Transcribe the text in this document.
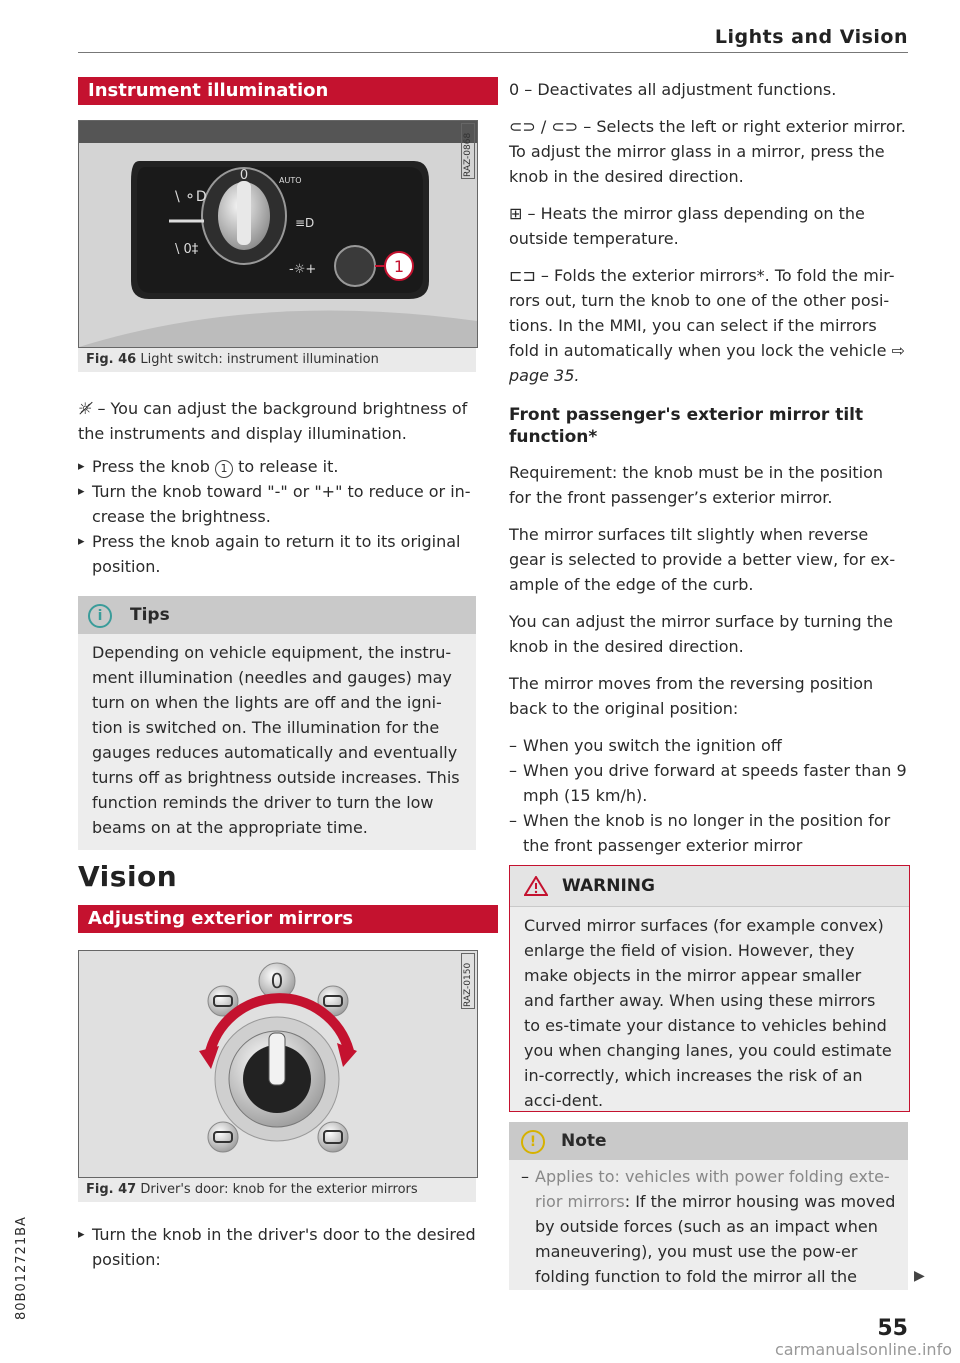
Lights and Vision
80B012721BA
Instrument illumination
1
0	AUTO
\ ⚬D
\ 0‡
≡D
-☼+
RAZ-0868
Fig. 46 Light switch: instrument illumination

☼̸ – You can adjust the background brightness of the instruments and display illumination.

▸ Press the knob 1 to release it.

▸ Turn the knob toward "-" or "+" to reduce or in-crease the brightness.

▸ Press the knob again to return it to its original position.

i	Tips

Depending on vehicle equipment, the instru-ment illumination (needles and gauges) may turn on when the lights are off and the igni-tion is switched on. The illumination for the gauges reduces automatically and eventually turns off as brightness outside increases. This function reminds the driver to turn the low beams on at the appropriate time.

Vision
Adjusting exterior mirrors
0	RAZ-0150
Fig. 47 Driver's door: knob for the exterior mirrors

▸ Turn the knob in the driver's door to the desired position:

0 – Deactivates all adjustment functions.

⊂⊃ / ⊂⊃ – Selects the left or right exterior mirror. To adjust the mirror glass in a mirror, press the knob in the desired direction.

⊞ – Heats the mirror glass depending on the outside temperature.

⊏⊐ – Folds the exterior mirrors*. To fold the mir-rors out, turn the knob to one of the other posi-tions. In the MMI, you can select if the mirrors fold in automatically when you lock the vehicle ⇨ page 35.

Front passenger's exterior mirror tilt function*

Requirement: the knob must be in the position for the front passenger’s exterior mirror.

The mirror surfaces tilt slightly when reverse gear is selected to provide a better view, for ex-ample of the edge of the curb.

You can adjust the mirror surface by turning the knob in the desired direction.

The mirror moves from the reversing position back to the original position:

– When you switch the ignition off

– When you drive forward at speeds faster than 9 mph (15 km/h).

– When the knob is no longer in the position for the front passenger exterior mirror

WARNING

Curved mirror surfaces (for example convex) enlarge the field of vision. However, they make objects in the mirror appear smaller and farther away. When using these mirrors to es-timate your distance to vehicles behind you when changing lanes, you could estimate in-correctly, which increases the risk of an acci-dent.

!	Note

– Applies to: vehicles with power folding exte-rior mirrors: If the mirror housing was moved by outside forces (such as an impact when maneuvering), you must use the pow-er folding function to fold the mirror all the	▶
55
carmanualsonline.info
